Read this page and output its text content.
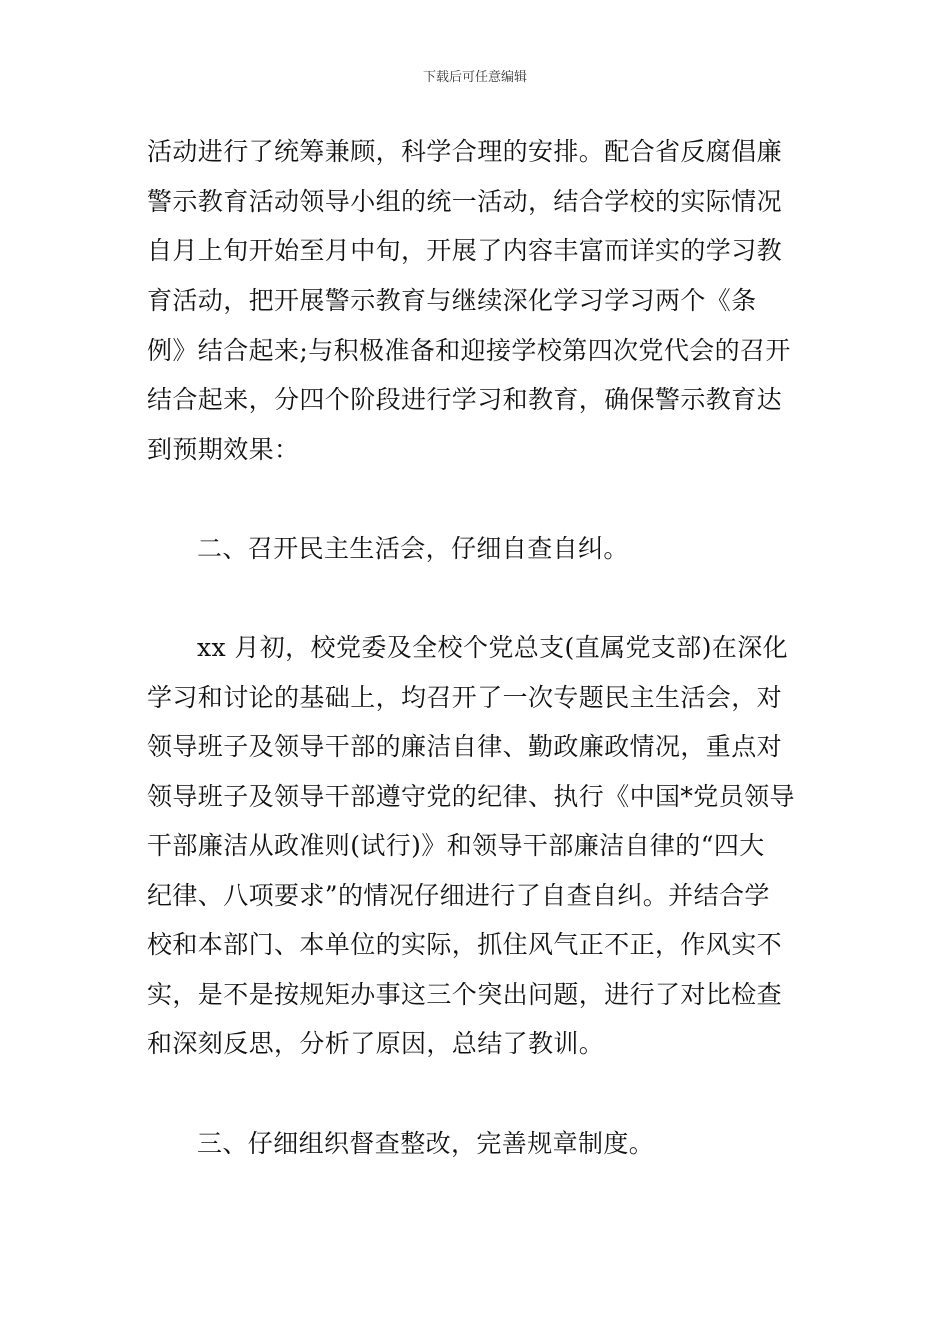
下载后可任意编辑
活动进行了统筹兼顾，科学合理的安排。配合省反腐倡廉
警示教育活动领导小组的统一活动，结合学校的实际情况
自月上旬开始至月中旬，开展了内容丰富而详实的学习教
育活动，把开展警示教育与继续深化学习学习两个《条
例》结合起来;与积极准备和迎接学校第四次党代会的召开
结合起来，分四个阶段进行学习和教育，确保警示教育达
到预期效果：
二、召开民主生活会，仔细自查自纠。
xx 月初，校党委及全校个党总支(直属党支部)在深化
学习和讨论的基础上，均召开了一次专题民主生活会，对
领导班子及领导干部的廉洁自律、勤政廉政情况，重点对
领导班子及领导干部遵守党的纪律、执行《中国*党员领导
干部廉洁从政准则(试行)》和领导干部廉洁自律的“四大
纪律、八项要求”的情况仔细进行了自查自纠。并结合学
校和本部门、本单位的实际，抓住风气正不正，作风实不
实，是不是按规矩办事这三个突出问题，进行了对比检查
和深刻反思，分析了原因，总结了教训。
三、仔细组织督查整改，完善规章制度。
